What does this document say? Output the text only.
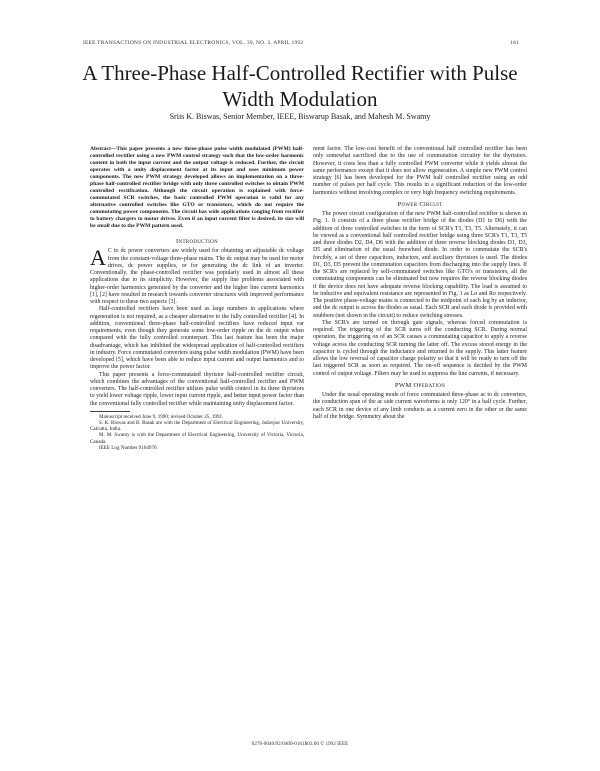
IEEE TRANSACTIONS ON INDUSTRIAL ELECTRONICS, VOL. 39, NO. 2, APRIL 1992	161
A Three-Phase Half-Controlled Rectifier with Pulse Width Modulation
Sriis K. Biswas, Senior Member, IEEE, Biswarup Basak, and Mahesh M. Swamy

Abstract—This paper presents a new three-phase pulse width modulated (PWM) half-controlled rectifier using a new PWM control strategy such that the low-order harmonic content in both the input current and the output voltage is reduced. Further, the circuit operates with a unity displacement factor at its input and uses minimum power components. The new PWM strategy developed allows an implementation on a three-phase half-controlled rectifier bridge with only three controlled switches to obtain PWM controlled rectification. Although the circuit operation is explained with force-commutated SCR switches, the basic controlled PWM operation is valid for any alternative controlled switches like GTO or transistors, which do not require the commutating power components. The circuit has wide applications ranging from rectifier to battery chargers to motor drives. Even if an input current filter is desired, its size will be small due to the PWM pattern used.

Introduction

A C to dc power converters are widely used for obtaining an adjustable dc voltage from the constant-voltage three-phase mains. The dc output may be used for motor drives, dc power supplies, or for generating the dc link of an inverter. Conventionally, the phase-controlled rectifier was popularly used in almost all these applications due to its simplicity. However, the supply line problems associated with higher-order harmonics generated by the converter and the higher line current harmonics [1], [2] have resulted in research towards converter structures with improved performance with respect to these two aspects [3].

Half-controlled rectifiers have been used as large numbers in applications where regeneration is not required, as a cheaper alternative to the fully controlled rectifier [4]. In addition, conventional three-phase half-controlled rectifiers have reduced input var requirements, even though they generate some low-order ripple on the dc output when compared with the fully controlled counterpart. This last feature has been the major disadvantage, which has inhibited the widespread application of half-controlled rectifiers in industry. Force commutated converters using pulse width modulation (PWM) have been developed [5], which have been able to reduce input current and output harmonics and to improve the power factor.

This paper presents a force-commutated thyristor half-controlled rectifier circuit, which combines the advantages of the conventional half-controlled rectifier and PWM converters. The half-controlled rectifier utilizes pulse width control in its three thyristors to yield lower voltage ripple, lower input current ripple, and better input power factor than the conventional fully controlled rectifier while maintaining unity displacement factor.

Manuscript received June 9, 1990; revised October 25, 1991.

S. K. Biswas and B. Basak are with the Department of Electrical Engineering, Jadavpur University, Calcutta, India.

M. M. Swamy is with the Department of Electrical Engineering, University of Victoria, Victoria, Canada.

IEEE Log Number 9104970.

ment factor. The low-cost benefit of the conventional half controlled rectifier has been only somewhat sacrificed due to the use of commutation circuitry for the thyristors. However, it costs less than a fully controlled PWM converter while it yields almost the same performance except that it does not allow regeneration. A simple new PWM control strategy [6] has been developed for the PWM half controlled rectifier using an odd number of pulses per half cycle. This results in a significant reduction of the low-order harmonics without involving complex or very high frequency switching requirements.

Power Circuit

The power circuit configuration of the new PWM half-controlled rectifier is shown in Fig. 1. It consists of a three phase rectifier bridge of the diodes (D1 to D6) with the addition of three controlled switches in the form of SCR's T1, T3, T5. Alternately, it can be viewed as a conventional half controlled rectifier bridge using three SCR's T1, T3, T5 and three diodes D2, D4, D6 with the addition of three reverse blocking diodes D1, D3, D5 and elimination of the usual freewheel diode. In order to commutate the SCR's forcibly, a set of three capacitors, inductors, and auxiliary thyristors is used. The diodes D1, D3, D5 prevent the commutation capacitors from discharging into the supply lines. If the SCR's are replaced by self-commutated switches like GTO's or transistors, all the commutating components can be eliminated but now requires the reverse blocking diodes if the device does not have adequate reverse blocking capability. The load is assumed to be inductive and equivalent resistance are represented in Fig. 1 as Lo and Ro respectively. The positive phase-voltage mains is connected to the midpoint of each leg by an inductor, and the dc output is across the diodes as usual. Each SCR and each diode is provided with snubbers (not shown in the circuit) to reduce switching stresses.

The SCR's are turned on through gate signals, whereas forced commutation is required. The triggering of the SCR turns off the conducting SCR. During normal operation, the triggering on of an SCR causes a commutating capacitor to apply a reverse voltage across the conducting SCR turning the latter off. The excess stored energy in the capacitor is cycled through the inductance and returned to the supply. This latter feature allows the low reversal of capacitor charge polarity so that it will be ready to turn off the last triggered SCR as soon as required. The on-off sequence is decided by the PWM control of output voltage. Filters may be used to suppress the line currents, if necessary.

PWM Operation

Under the usual operating mode of force commutated three-phase ac to dc converters, the conduction span of the ac side current waveforms is only 120° in a half cycle. Further, each SCR in one device of any limb conducts as a current zero in the other or the same half of the bridge. Symmetry about the

0278-0046/92/0400-0161$03.00 © 1992 IEEE
